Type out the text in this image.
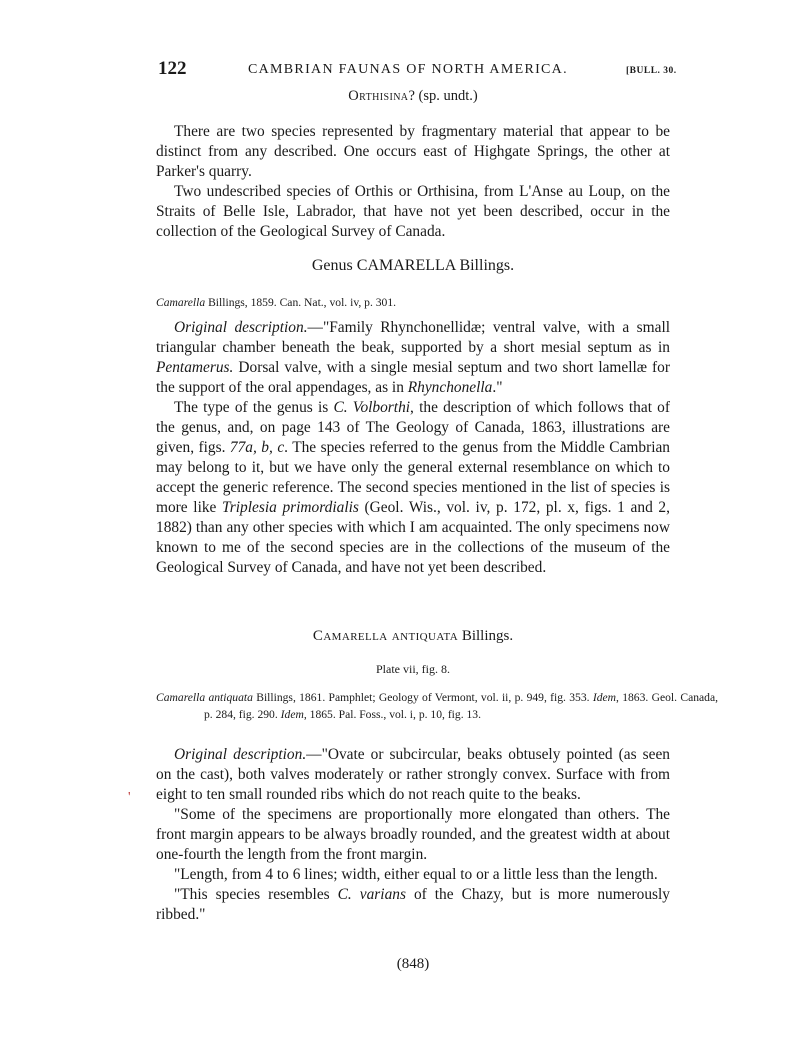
122	CAMBRIAN FAUNAS OF NORTH AMERICA.	[BULL. 30.
Orthisina? (sp. undt.)

There are two species represented by fragmentary material that appear to be distinct from any described. One occurs east of Highgate Springs, the other at Parker's quarry.

Two undescribed species of Orthis or Orthisina, from L'Anse au Loup, on the Straits of Belle Isle, Labrador, that have not yet been described, occur in the collection of the Geological Survey of Canada.

Genus CAMARELLA Billings.
Camarella Billings, 1859. Can. Nat., vol. iv, p. 301.

Original description.—"Family Rhynchonellidæ; ventral valve, with a small triangular chamber beneath the beak, supported by a short mesial septum as in Pentamerus. Dorsal valve, with a single mesial septum and two short lamellæ for the support of the oral appendages, as in Rhynchonella."

The type of the genus is C. Volborthi, the description of which follows that of the genus, and, on page 143 of The Geology of Canada, 1863, illustrations are given, figs. 77a, b, c. The species referred to the genus from the Middle Cambrian may belong to it, but we have only the general external resemblance on which to accept the generic reference. The second species mentioned in the list of species is more like Triplesia primordialis (Geol. Wis., vol. iv, p. 172, pl. x, figs. 1 and 2, 1882) than any other species with which I am acquainted. The only specimens now known to me of the second species are in the collections of the museum of the Geological Survey of Canada, and have not yet been described.

Camarella antiquata Billings.
Plate vii, fig. 8.
Camarella antiquata Billings, 1861. Pamphlet; Geology of Vermont, vol. ii, p. 949, fig. 353. Idem, 1863. Geol. Canada, p. 284, fig. 290. Idem, 1865. Pal. Foss., vol. i, p. 10, fig. 13.

Original description.—"Ovate or subcircular, beaks obtusely pointed (as seen on the cast), both valves moderately or rather strongly convex. Surface with from eight to ten small rounded ribs which do not reach quite to the beaks.

"Some of the specimens are proportionally more elongated than others. The front margin appears to be always broadly rounded, and the greatest width at about one-fourth the length from the front margin.

"Length, from 4 to 6 lines; width, either equal to or a little less than the length.

"This species resembles C. varians of the Chazy, but is more numerously ribbed."

(848)
'
